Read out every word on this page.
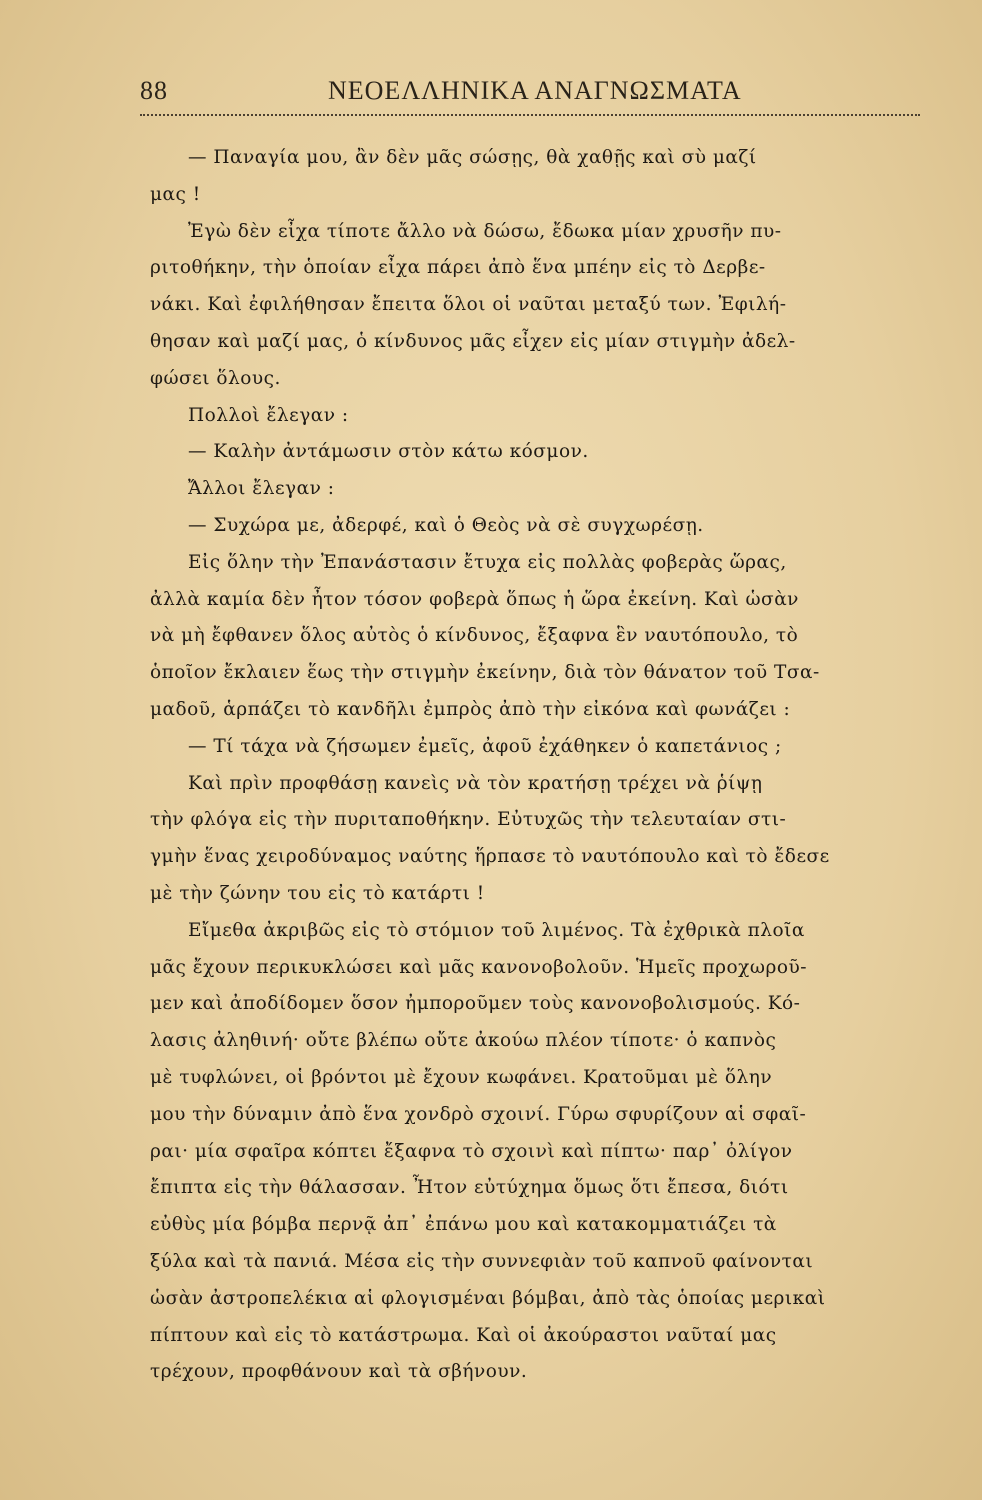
88	ΝΕΟΕΛΛΗΝΙΚΑ ΑΝΑΓΝΩΣΜΑΤΑ
— Παναγία μου, ἂν δὲν μᾶς σώσῃς, θὰ χαθῇς καὶ σὺ μαζί
μας !
Ἐγὼ δὲν εἶχα τίποτε ἄλλο νὰ δώσω, ἔδωκα μίαν χρυσῆν πυ-
ριτοθήκην, τὴν ὁποίαν εἶχα πάρει ἀπὸ ἕνα μπέην εἰς τὸ Δερβε-
νάκι. Καὶ ἐφιλήθησαν ἔπειτα ὅλοι οἱ ναῦται μεταξύ των. Ἐφιλή-
θησαν καὶ μαζί μας, ὁ κίνδυνος μᾶς εἶχεν εἰς μίαν στιγμὴν ἀδελ-
φώσει ὅλους.
Πολλοὶ ἔλεγαν :
— Καλὴν ἀντάμωσιν στὸν κάτω κόσμον.
Ἄλλοι ἔλεγαν :
— Συχώρα με, ἀδερφέ, καὶ ὁ Θεὸς νὰ σὲ συγχωρέσῃ.
Εἰς ὅλην τὴν Ἐπανάστασιν ἔτυχα εἰς πολλὰς φοβερὰς ὥρας,
ἀλλὰ καμία δὲν ἦτον τόσον φοβερὰ ὅπως ἡ ὥρα ἐκείνη. Καὶ ὡσὰν
νὰ μὴ ἔφθανεν ὅλος αὐτὸς ὁ κίνδυνος, ἔξαφνα ἓν ναυτόπουλο, τὸ
ὁποῖον ἔκλαιεν ἕως τὴν στιγμὴν ἐκείνην, διὰ τὸν θάνατον τοῦ Τσα-
μαδοῦ, ἁρπάζει τὸ κανδῆλι ἐμπρὸς ἀπὸ τὴν εἰκόνα καὶ φωνάζει :
— Τί τάχα νὰ ζήσωμεν ἐμεῖς, ἀφοῦ ἐχάθηκεν ὁ καπετάνιος ;
Καὶ πρὶν προφθάσῃ κανεὶς νὰ τὸν κρατήσῃ τρέχει νὰ ῥίψῃ
τὴν φλόγα εἰς τὴν πυριταποθήκην. Εὐτυχῶς τὴν τελευταίαν στι-
γμὴν ἕνας χειροδύναμος ναύτης ἥρπασε τὸ ναυτόπουλο καὶ τὸ ἔδεσε
μὲ τὴν ζώνην του εἰς τὸ κατάρτι !
Εἴμεθα ἀκριβῶς εἰς τὸ στόμιον τοῦ λιμένος. Τὰ ἐχθρικὰ πλοῖα
μᾶς ἔχουν περικυκλώσει καὶ μᾶς κανονοβολοῦν. Ἡμεῖς προχωροῦ-
μεν καὶ ἀποδίδομεν ὅσον ἠμποροῦμεν τοὺς κανονοβολισμούς. Κό-
λασις ἀληθινή· οὔτε βλέπω οὔτε ἀκούω πλέον τίποτε· ὁ καπνὸς
μὲ τυφλώνει, οἱ βρόντοι μὲ ἔχουν κωφάνει. Κρατοῦμαι μὲ ὅλην
μου τὴν δύναμιν ἀπὸ ἕνα χονδρὸ σχοινί. Γύρω σφυρίζουν αἱ σφαῖ-
ραι· μία σφαῖρα κόπτει ἔξαφνα τὸ σχοινὶ καὶ πίπτω· παρ᾽ ὀλίγον
ἔπιπτα εἰς τὴν θάλασσαν. Ἦτον εὐτύχημα ὅμως ὅτι ἔπεσα, διότι
εὐθὺς μία βόμβα περνᾷ ἀπ᾽ ἐπάνω μου καὶ κατακομματιάζει τὰ
ξύλα καὶ τὰ πανιά. Μέσα εἰς τὴν συννεφιὰν τοῦ καπνοῦ φαίνονται
ὡσὰν ἀστροπελέκια αἱ φλογισμέναι βόμβαι, ἀπὸ τὰς ὁποίας μερικαὶ
πίπτουν καὶ εἰς τὸ κατάστρωμα. Καὶ οἱ ἀκούραστοι ναῦταί μας
τρέχουν, προφθάνουν καὶ τὰ σβήνουν.
